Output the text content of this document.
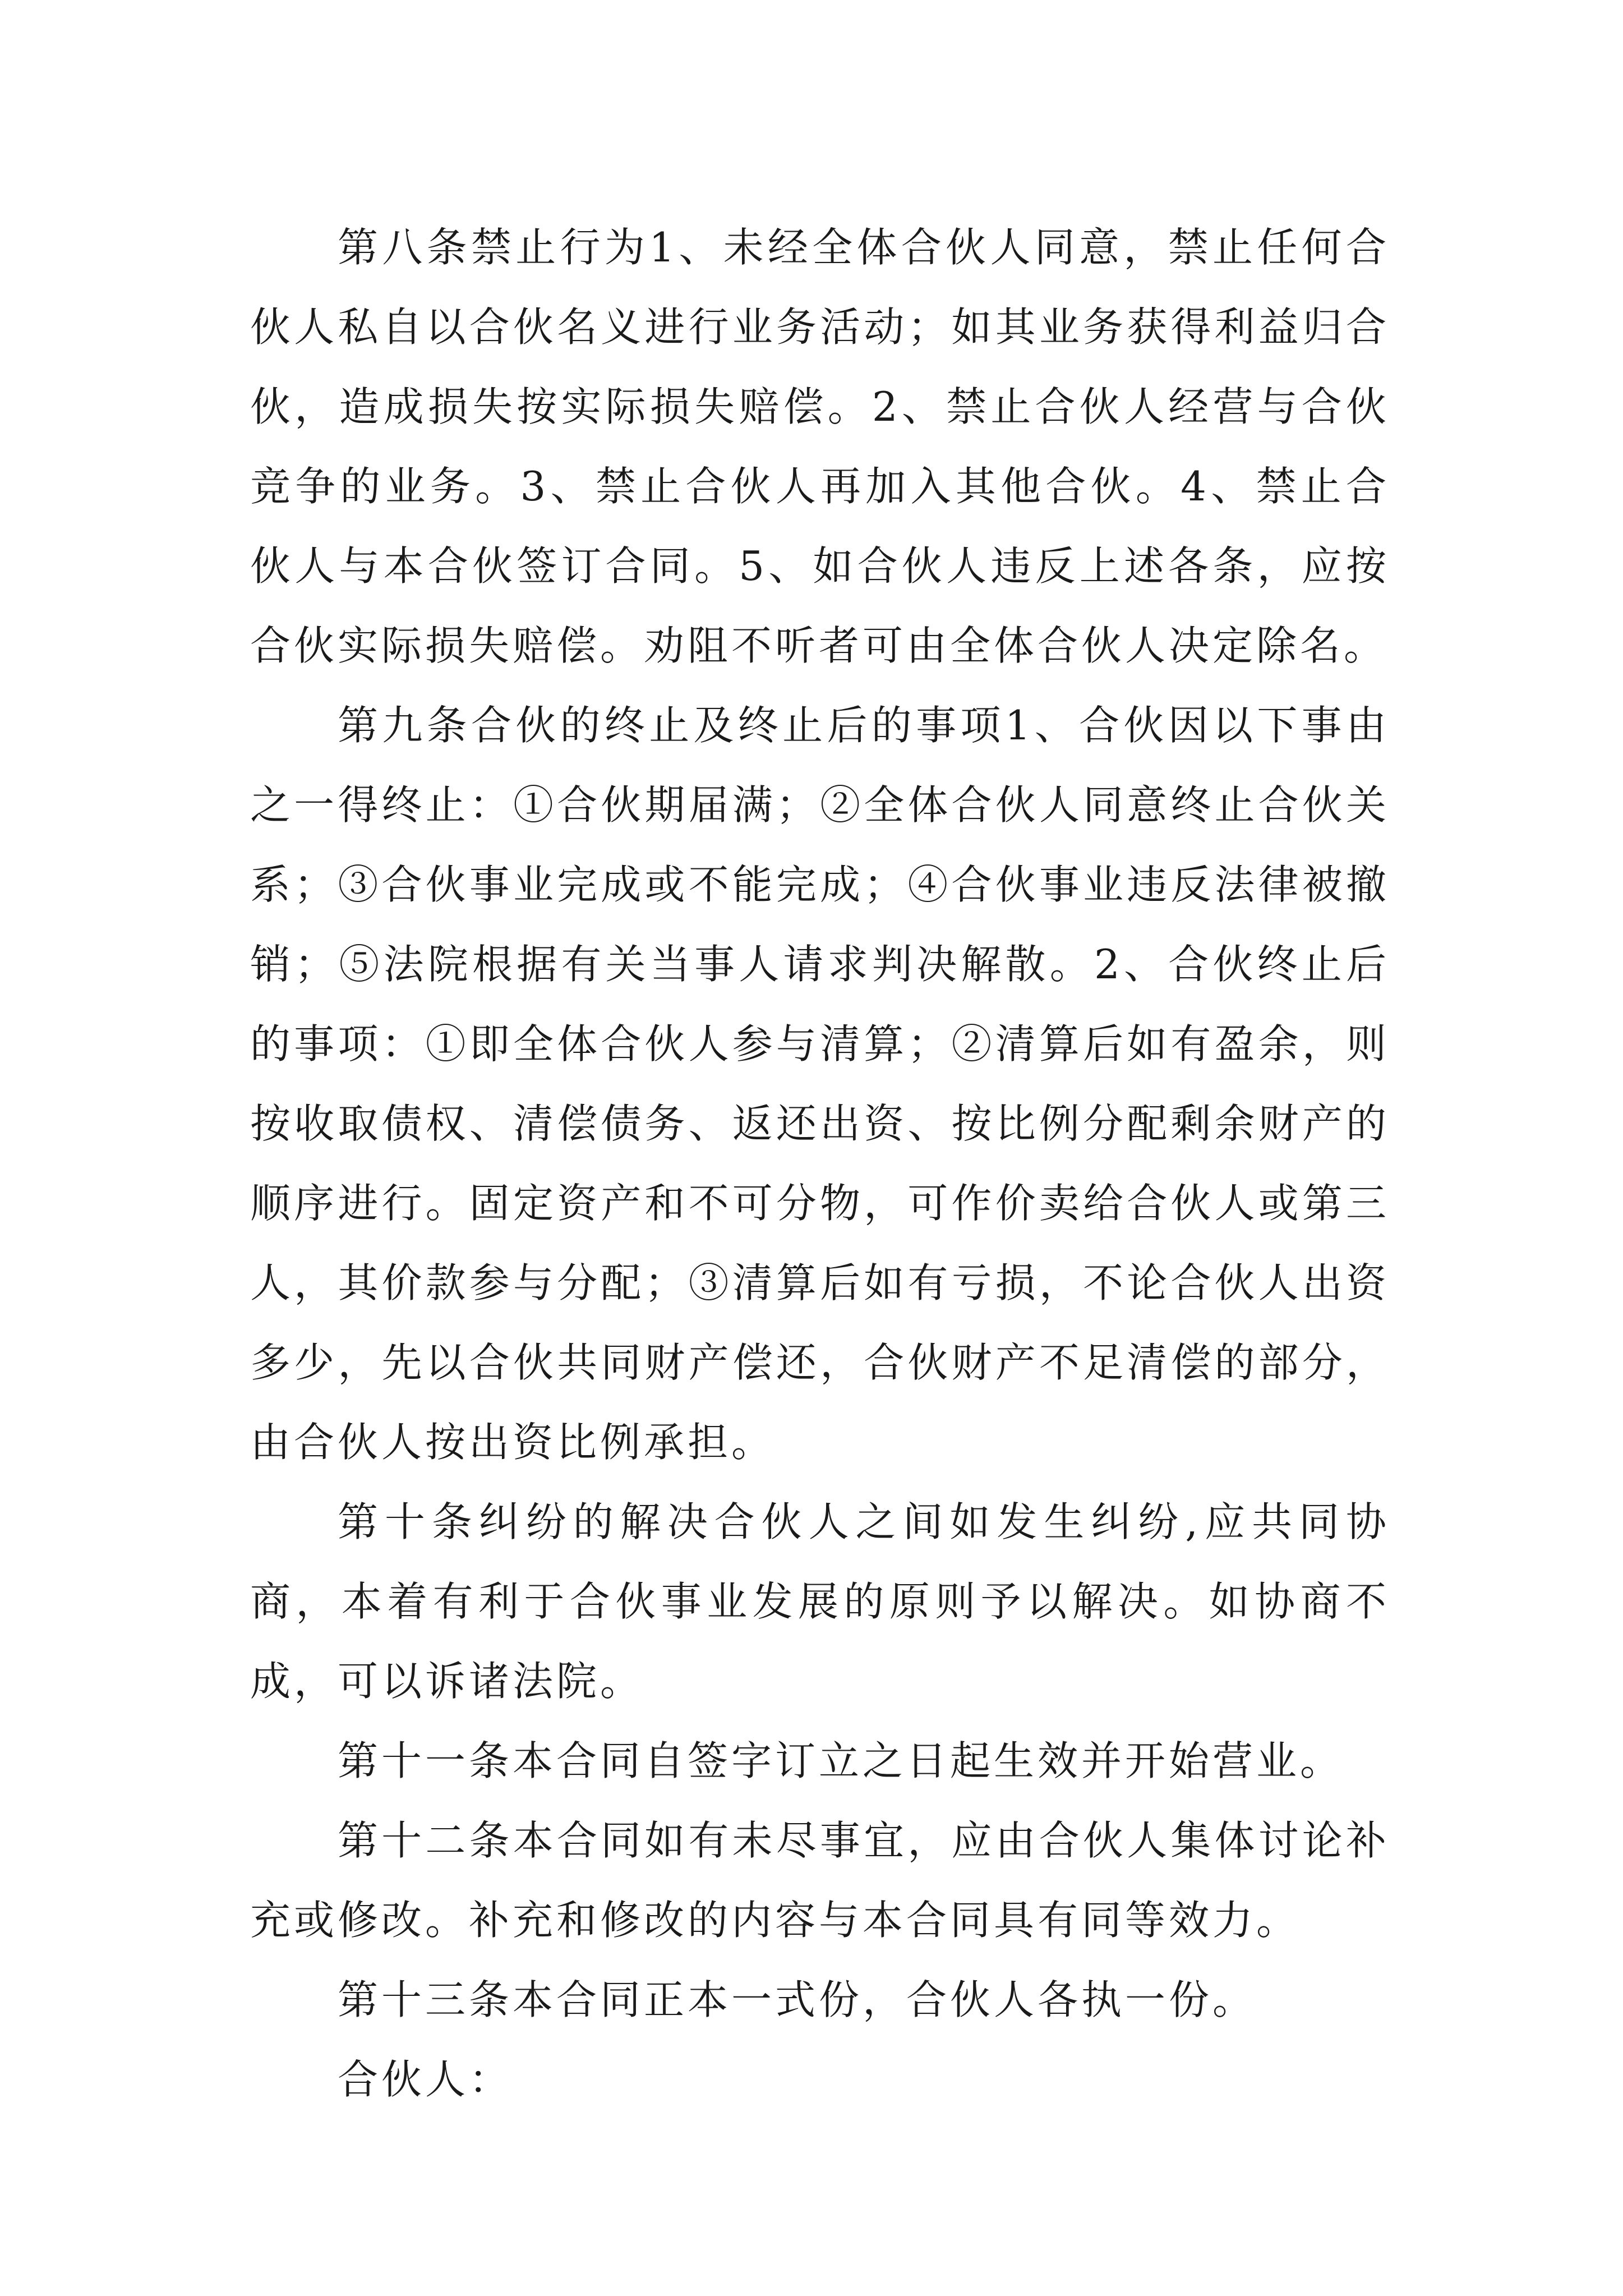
第八条禁止行为1、未经全体合伙人同意，禁止任何合伙人私自以合伙名义进行业务活动；如其业务获得利益归合伙，造成损失按实际损失赔偿。2、禁止合伙人经营与合伙竞争的业务。3、禁止合伙人再加入其他合伙。4、禁止合伙人与本合伙签订合同。5、如合伙人违反上述各条，应按合伙实际损失赔偿。劝阻不听者可由全体合伙人决定除名。

第九条合伙的终止及终止后的事项1、合伙因以下事由之一得终止：①合伙期届满；②全体合伙人同意终止合伙关系；③合伙事业完成或不能完成；④合伙事业违反法律被撤销；⑤法院根据有关当事人请求判决解散。2、合伙终止后的事项：①即全体合伙人参与清算；②清算后如有盈余，则按收取债权、清偿债务、返还出资、按比例分配剩余财产的顺序进行。固定资产和不可分物，可作价卖给合伙人或第三人，其价款参与分配；③清算后如有亏损，不论合伙人出资多少，先以合伙共同财产偿还，合伙财产不足清偿的部分，由合伙人按出资比例承担。

第十条纠纷的解决合伙人之间如发生纠纷,应共同协商，本着有利于合伙事业发展的原则予以解决。如协商不成，可以诉诸法院。

第十一条本合同自签字订立之日起生效并开始营业。

第十二条本合同如有未尽事宜，应由合伙人集体讨论补充或修改。补充和修改的内容与本合同具有同等效力。

第十三条本合同正本一式份，合伙人各执一份。

合伙人：
